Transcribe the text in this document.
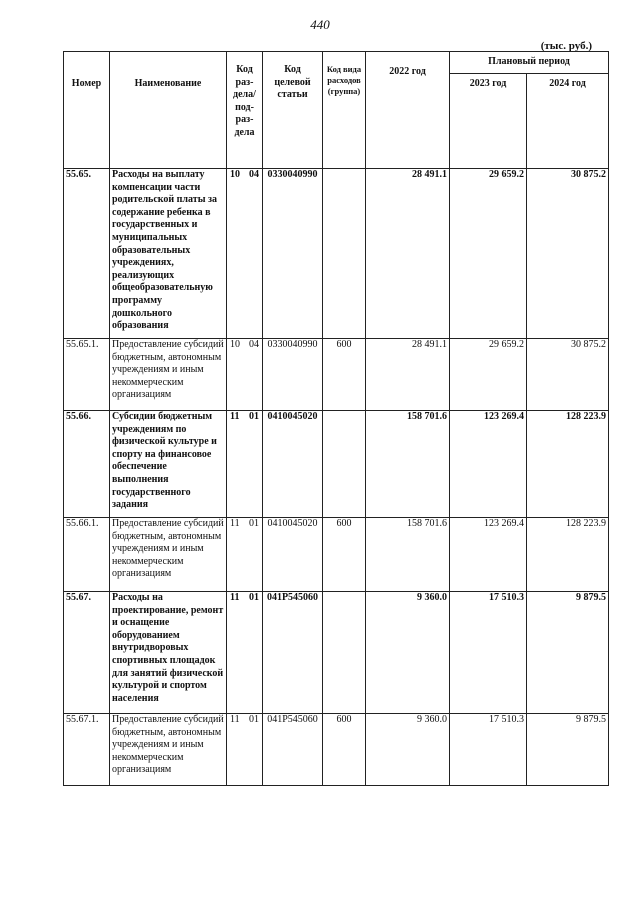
440
(тыс. руб.)
Номер	Наименование	Код раз-дела/ под-раз-дела	Код целевой статьи	Код вида расходов (группа)	2022 год	Плановый период	
						2023 год	2024 год
55.65.	Расходы на выплату компенсации части родительской платы за содержание ребенка в государственных и муниципальных образовательных учреждениях, реализующих общеобразовательную программу дошкольного образования	10 04	0330040990		28 491.1	29 659.2	30 875.2
55.65.1.	Предоставление субсидий бюджетным, автономным учреждениям и иным некоммерческим организациям	10 04	0330040990	600	28 491.1	29 659.2	30 875.2
55.66.	Субсидии бюджетным учреждениям по физической культуре и спорту на финансовое обеспечение выполнения государственного задания	11 01	0410045020		158 701.6	123 269.4	128 223.9
55.66.1.	Предоставление субсидий бюджетным, автономным учреждениям и иным некоммерческим организациям	11 01	0410045020	600	158 701.6	123 269.4	128 223.9
55.67.	Расходы на проектирование, ремонт и оснащение оборудованием внутридворовых спортивных площадок для занятий физической культурой и спортом населения	11 01	041P545060		9 360.0	17 510.3	9 879.5
55.67.1.	Предоставление субсидий бюджетным, автономным учреждениям и иным некоммерческим организациям	11 01	041P545060	600	9 360.0	17 510.3	9 879.5
